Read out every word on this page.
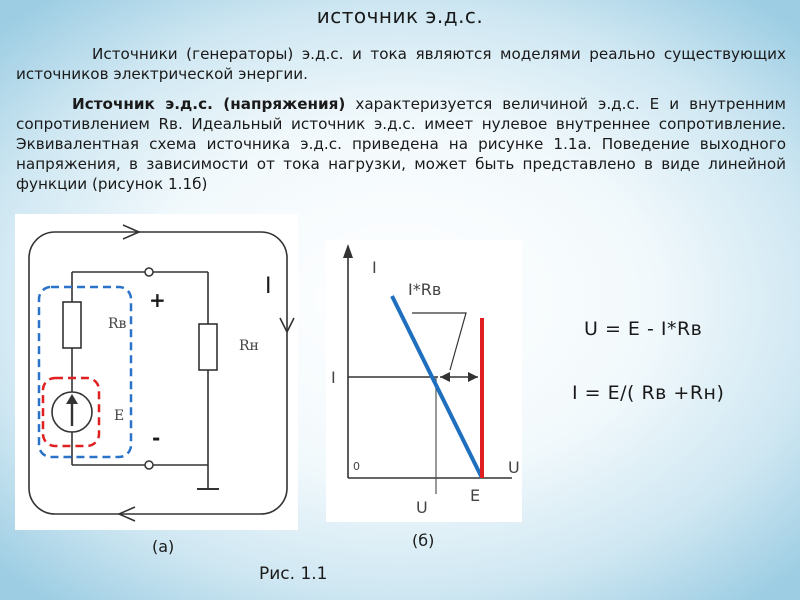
источник э.д.с.

Источники (генераторы) э.д.с. и тока являются моделями реально существующих источников электрической энергии.

Источник э.д.с. (напряжения) характеризуется величиной э.д.с. Е и внутренним сопротивлением Rв. Идеальный источник э.д.с. имеет нулевое внутреннее сопротивление. Эквивалентная схема источника э.д.с. приведена на рисунке 1.1а. Поведение выходного напряжения, в зависимости от тока нагрузки, может быть представлено в виде линейной функции (рисунок 1.1б)

Rв
Rн
E
+
-
I
I
I*Rв
I
0	U
E
U
(а)	(б)
Рис. 1.1
U = E - I*Rв
I = E/( Rв +Rн)
